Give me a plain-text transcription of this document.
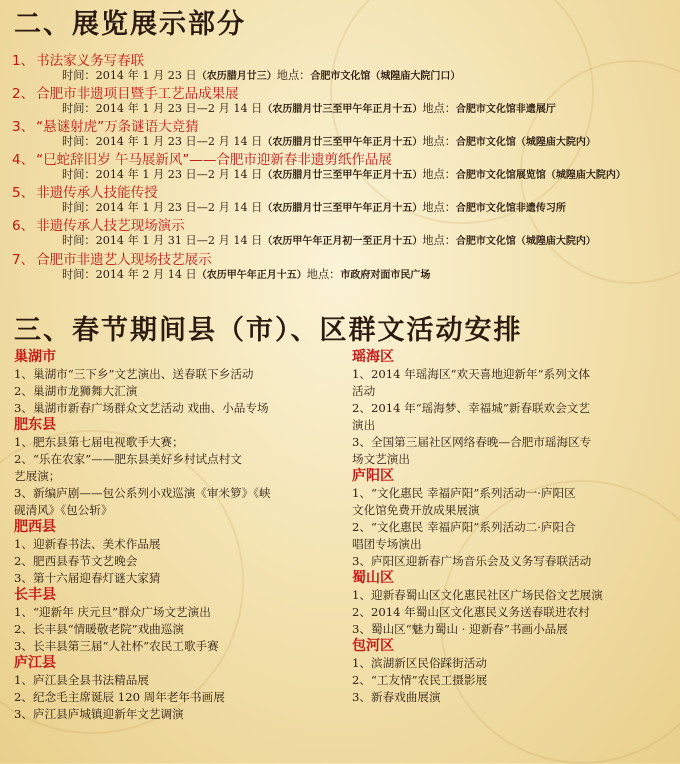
二、展览展示部分
1、 书法家义务写春联
时间：2014 年 1 月 23 日（农历腊月廿三）地点：合肥市文化馆（城隍庙大院门口）
2、 合肥市非遗项目暨手工艺品成果展
时间：2014 年 1 月 23 日—2 月 14 日（农历腊月廿三至甲午年正月十五）地点：合肥市文化馆非遗展厅
3、 “悬谜射虎”万条谜语大竞猜
时间：2014 年 1 月 23 日—2 月 14 日（农历腊月廿三至甲午年正月十五）地点：合肥市文化馆（城隍庙大院内）
4、 “巳蛇辞旧岁 午马展新风”——合肥市迎新春非遗剪纸作品展
时间：2014 年 1 月 23 日—2 月 14 日（农历腊月廿三至甲午年正月十五）地点：合肥市文化馆展览馆（城隍庙大院内）
5、 非遗传承人技能传授
时间：2014 年 1 月 23 日—2 月 14 日（农历腊月廿三至甲午年正月十五）地点：合肥市文化馆非遗传习所
6、 非遗传承人技艺现场演示
时间：2014 年 1 月 31 日—2 月 14 日（农历甲午年正月初一至正月十五）地点：合肥市文化馆（城隍庙大院内）
7、 合肥市非遗艺人现场技艺展示
时间：2014 年 2 月 14 日（农历甲午年正月十五）地点：市政府对面市民广场
三、春节期间县（市）、区群文活动安排
巢湖市
1、巢湖市“三下乡”文艺演出、送春联下乡活动
2、巢湖市龙狮舞大汇演
3、巢湖市新春广场群众文艺活动 戏曲、小品专场
肥东县
1、肥东县第七届电视歌手大赛；
2、“乐在农家”——肥东县美好乡村试点村文
艺展演；
3、新编庐剧——包公系列小戏巡演《审米箩》《峡
砚清风》《包公斩》
肥西县
1、迎新春书法、美术作品展
2、肥西县春节文艺晚会
3、第十六届迎春灯谜大家猜
长丰县
1、“迎新年 庆元旦”群众广场文艺演出
2、长丰县“情暖敬老院”戏曲巡演
3、长丰县第三届“人社杯”农民工歌手赛
庐江县
1、庐江县全县书法精品展
2、纪念毛主席诞辰 120 周年老年书画展
3、庐江县庐城镇迎新年文艺调演
瑶海区
1、2014 年瑶海区“欢天喜地迎新年”系列文体
活动
2、2014 年“瑶海梦、幸福城”新春联欢会文艺
演出
3、全国第三届社区网络春晚—合肥市瑶海区专
场文艺演出
庐阳区
1、“文化惠民 幸福庐阳”系列活动一·庐阳区
文化馆免费开放成果展演
2、“文化惠民 幸福庐阳”系列活动二·庐阳合
唱团专场演出
3、庐阳区迎新春广场音乐会及义务写春联活动
蜀山区
1、迎新春蜀山区文化惠民社区广场民俗文艺展演
2、2014 年蜀山区文化惠民义务送春联进农村
3、蜀山区“魅力蜀山 · 迎新春”书画小品展
包河区
1、滨湖新区民俗踩街活动
2、“工友情”农民工摄影展
3、新春戏曲展演
